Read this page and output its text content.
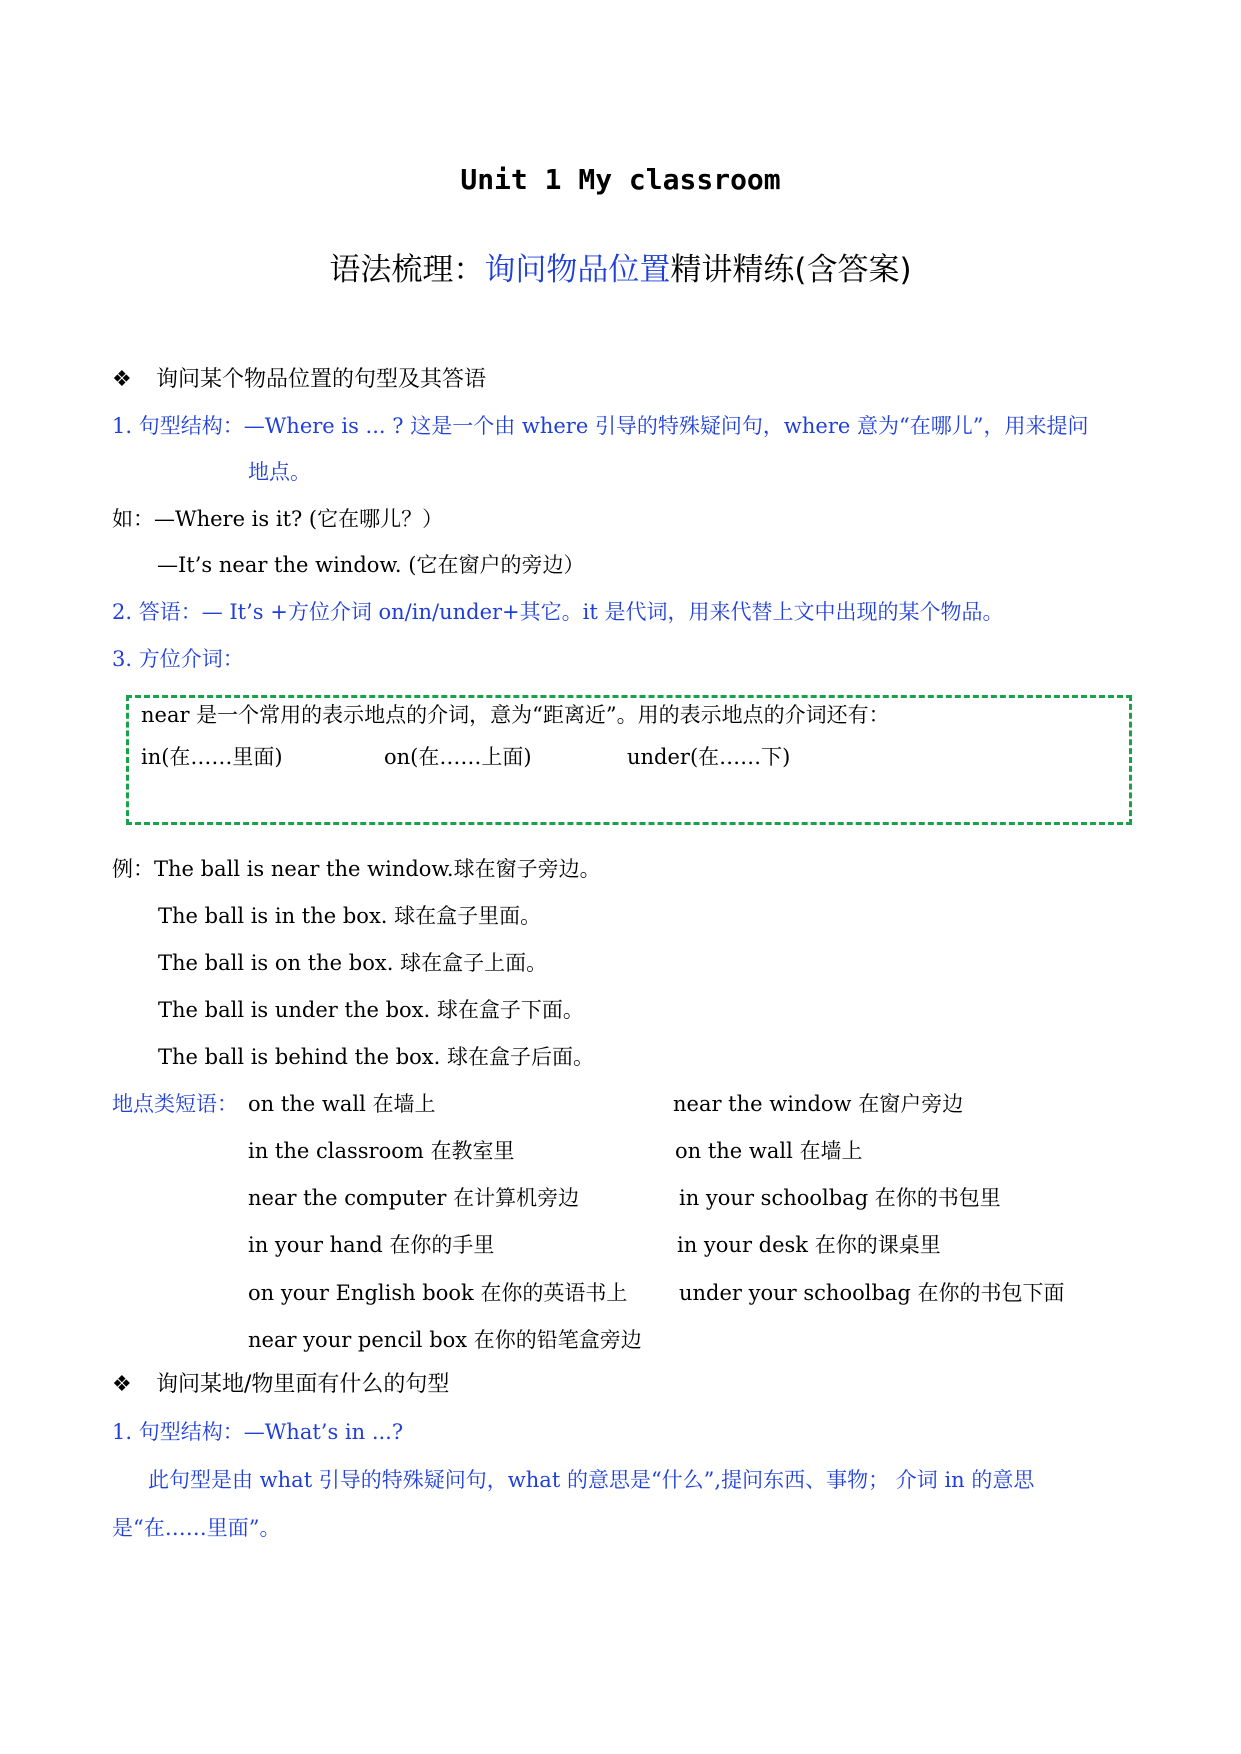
Unit 1 My classroom
语法梳理：询问物品位置精讲精练(含答案)
❖ 询问某个物品位置的句型及其答语
1. 句型结构：—Where is ... ? 这是一个由 where 引导的特殊疑问句，where 意为“在哪儿”，用来提问
地点。
如：—Where is it? (它在哪儿？）
—It’s near the window. (它在窗户的旁边）
2. 答语：— It’s +方位介词 on/in/under+其它。it 是代词，用来代替上文中出现的某个物品。
3. 方位介词：
near 是一个常用的表示地点的介词，意为“距离近”。用的表示地点的介词还有：
in(在……里面)	on(在……上面)	under(在……下)
例：The ball is near the window.球在窗子旁边。
The ball is in the box. 球在盒子里面。
The ball is on the box. 球在盒子上面。
The ball is under the box. 球在盒子下面。
The ball is behind the box. 球在盒子后面。
地点类短语： on the wall 在墙上
in the classroom 在教室里
near the computer 在计算机旁边
in your hand 在你的手里
on your English book 在你的英语书上
near your pencil box 在你的铅笔盒旁边
near the window 在窗户旁边
on the wall 在墙上
in your schoolbag 在你的书包里
in your desk 在你的课桌里
under your schoolbag 在你的书包下面
❖ 询问某地/物里面有什么的句型
1. 句型结构：—What’s in ...?
此句型是由 what 引导的特殊疑问句，what 的意思是“什么”,提问东西、事物； 介词 in 的意思
是“在……里面”。
